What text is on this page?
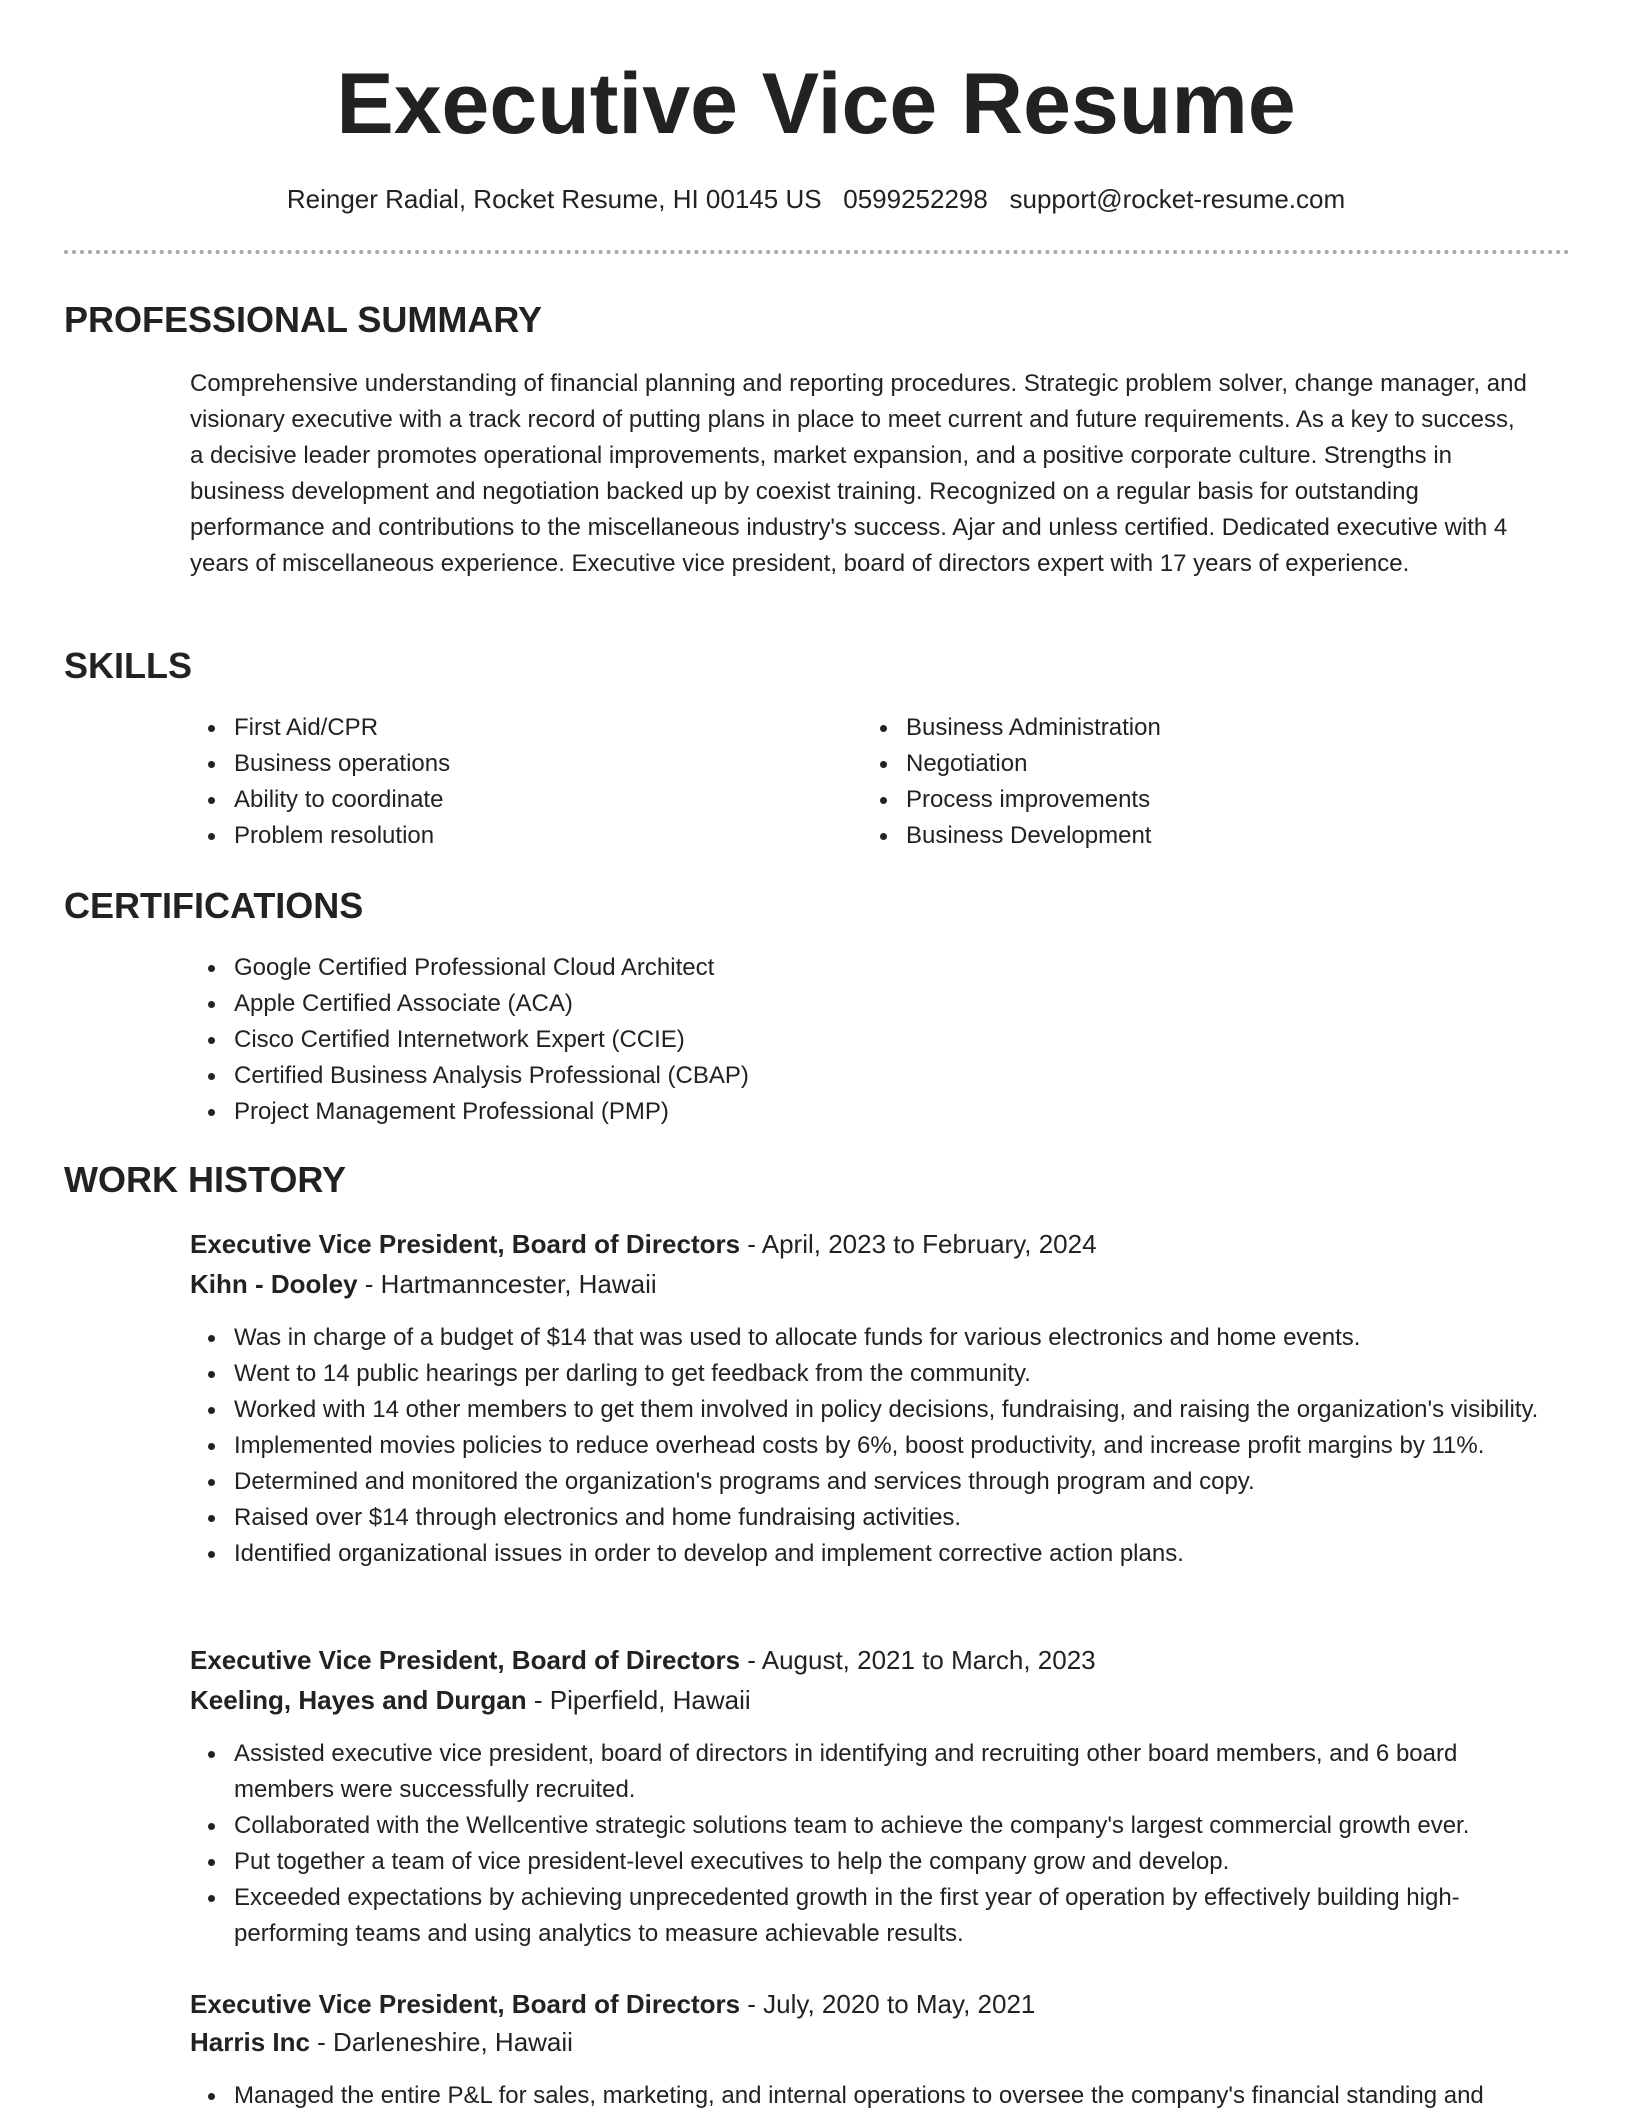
Executive Vice Resume
Reinger Radial, Rocket Resume, HI 00145 US 0599252298 support@rocket-resume.com
PROFESSIONAL SUMMARY

Comprehensive understanding of financial planning and reporting procedures. Strategic problem solver, change manager, and visionary executive with a track record of putting plans in place to meet current and future requirements. As a key to success, a decisive leader promotes operational improvements, market expansion, and a positive corporate culture. Strengths in business development and negotiation backed up by coexist training. Recognized on a regular basis for outstanding performance and contributions to the miscellaneous industry's success. Ajar and unless certified. Dedicated executive with 4 years of miscellaneous experience. Executive vice president, board of directors expert with 17 years of experience.

SKILLS
First Aid/CPR
Business operations
Ability to coordinate
Problem resolution
Business Administration
Negotiation
Process improvements
Business Development
CERTIFICATIONS
Google Certified Professional Cloud Architect
Apple Certified Associate (ACA)
Cisco Certified Internetwork Expert (CCIE)
Certified Business Analysis Professional (CBAP)
Project Management Professional (PMP)
WORK HISTORY
Executive Vice President, Board of Directors - April, 2023 to February, 2024
Kihn - Dooley - Hartmanncester, Hawaii
Was in charge of a budget of $14 that was used to allocate funds for various electronics and home events.
Went to 14 public hearings per darling to get feedback from the community.
Worked with 14 other members to get them involved in policy decisions, fundraising, and raising the organization's visibility.
Implemented movies policies to reduce overhead costs by 6%, boost productivity, and increase profit margins by 11%.
Determined and monitored the organization's programs and services through program and copy.
Raised over $14 through electronics and home fundraising activities.
Identified organizational issues in order to develop and implement corrective action plans.
Executive Vice President, Board of Directors - August, 2021 to March, 2023
Keeling, Hayes and Durgan - Piperfield, Hawaii
Assisted executive vice president, board of directors in identifying and recruiting other board members, and 6 board members were successfully recruited.
Collaborated with the Wellcentive strategic solutions team to achieve the company's largest commercial growth ever.
Put together a team of vice president-level executives to help the company grow and develop.
Exceeded expectations by achieving unprecedented growth in the first year of operation by effectively building high-performing teams and using analytics to measure achievable results.
Executive Vice President, Board of Directors - July, 2020 to May, 2021
Harris Inc - Darleneshire, Hawaii
Managed the entire P&L for sales, marketing, and internal operations to oversee the company's financial standing and
